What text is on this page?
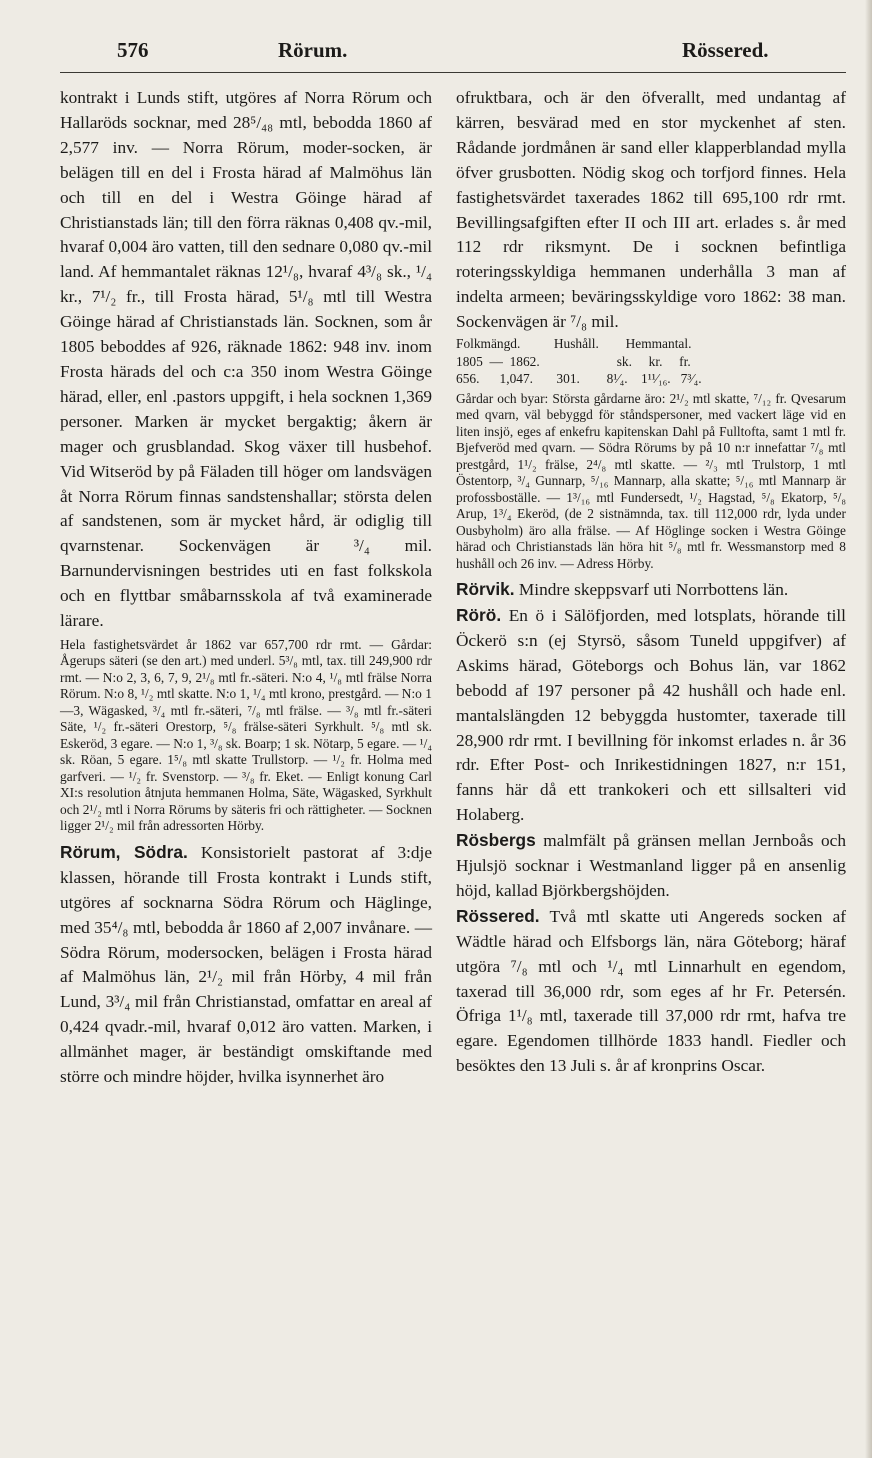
576	Rörum.	Rössered.

kontrakt i Lunds stift, utgöres af Norra Rörum och Hallaröds socknar, med 28⁵/₄₈ mtl, bebodda 1860 af 2,577 inv. — Norra Rörum, moder-socken, är belägen till en del i Frosta härad af Malmöhus län och till en del i Westra Göinge härad af Christianstads län; till den förra räknas 0,408 qv.-mil, hvaraf 0,004 äro vatten, till den sednare 0,080 qv.-mil land. Af hemmantalet räknas 12¹/₈, hvaraf 4³/₈ sk., ¹/₄ kr., 7¹/₂ fr., till Frosta härad, 5¹/₈ mtl till Westra Göinge härad af Christianstads län. Socknen, som år 1805 beboddes af 926, räknade 1862: 948 inv. inom Frosta härads del och c:a 350 inom Westra Göinge härad, eller, enl .pastors uppgift, i hela socknen 1,369 personer. Marken är mycket bergaktig; åkern är mager och grusblandad. Skog växer till husbehof. Vid Witseröd by på Fäladen till höger om landsvägen åt Norra Rörum finnas sandstenshallar; största delen af sandstenen, som är mycket hård, är odiglig till qvarnstenar. Sockenvägen är ³/₄ mil. Barnundervisningen bestrides uti en fast folkskola och en flyttbar småbarnsskola af två examinerade lärare.

Hela fastighetsvärdet år 1862 var 657,700 rdr rmt. — Gårdar: Ågerups säteri (se den art.) med underl. 5³/₈ mtl, tax. till 249,900 rdr rmt. — N:o 2, 3, 6, 7, 9, 2¹/₈ mtl fr.-säteri. N:o 4, ¹/₈ mtl frälse Norra Rörum. N:o 8, ¹/₂ mtl skatte. N:o 1, ¹/₄ mtl krono, prestgård. — N:o 1—3, Wägasked, ³/₄ mtl fr.-säteri, ⁷/₈ mtl frälse. — ³/₈ mtl fr.-säteri Säte, ¹/₂ fr.-säteri Orestorp, ⁵/₈ frälse-säteri Syrkhult. ⁵/₈ mtl sk. Eskeröd, 3 egare. — N:o 1, ³/₈ sk. Boarp; 1 sk. Nötarp, 5 egare. — ¹/₄ sk. Röan, 5 egare. 1⁵/₈ mtl skatte Trullstorp. — ¹/₂ fr. Holma med garfveri. — ¹/₂ fr. Svenstorp. — ³/₈ fr. Eket. — Enligt konung Carl XI:s resolution åtnjuta hemmanen Holma, Säte, Wägasked, Syrkhult och 2¹/₂ mtl i Norra Rörums by säteris fri och rättigheter. — Socknen ligger 2¹/₂ mil från adressorten Hörby.

Rörum, Södra. Konsistorielt pastorat af 3:dje klassen, hörande till Frosta kontrakt i Lunds stift, utgöres af socknarna Södra Rörum och Häglinge, med 35⁴/₈ mtl, bebodda år 1860 af 2,007 invånare. — Södra Rörum, modersocken, belägen i Frosta härad af Malmöhus län, 2¹/₂ mil från Hörby, 4 mil från Lund, 3³/₄ mil från Christianstad, omfattar en areal af 0,424 qvadr.-mil, hvaraf 0,012 äro vatten. Marken, i allmänhet mager, är beständigt omskiftande med större och mindre höjder, hvilka isynnerhet äro

ofruktbara, och är den öfverallt, med undantag af kärren, besvärad med en stor myckenhet af sten. Rådande jordmånen är sand eller klapperblandad mylla öfver grusbotten. Nödig skog och torfjord finnes. Hela fastighetsvärdet taxerades 1862 till 695,100 rdr rmt. Bevillingsafgiften efter II och III art. erlades s. år med 112 rdr riksmynt. De i socknen befintliga roteringsskyldiga hemmanen underhålla 3 man af indelta armeen; beväringsskyldige voro 1862: 38 man. Sockenvägen är ⁷/₈ mil.

Folkmängd.          Hushåll.        Hemmantal.

1805  —  1862.                       sk.     kr.     fr.

656.      1,047.       301.        8¹⁄₄.    1¹¹⁄₁₆.   7³⁄₄.

Gårdar och byar: Största gårdarne äro: 2¹/₂ mtl skatte, ⁷/₁₂ fr. Qvesarum med qvarn, väl bebyggd för ståndspersoner, med vackert läge vid en liten insjö, eges af enkefru kapitenskan Dahl på Fulltofta, samt 1 mtl fr. Bjefveröd med qvarn. — Södra Rörums by på 10 n:r innefattar ⁷/₈ mtl prestgård, 1¹/₂ frälse, 2⁴/₈ mtl skatte. — ²/₃ mtl Trulstorp, 1 mtl Östentorp, ³/₄ Gunnarp, ⁵/₁₆ Mannarp, alla skatte; ⁵/₁₆ mtl Mannarp är profossboställe. — 1³/₁₆ mtl Fundersedt, ¹/₂ Hagstad, ⁵/₈ Ekatorp, ⁵/₈ Arup, 1³/₄ Ekeröd, (de 2 sistnämnda, tax. till 112,000 rdr, lyda under Ousbyholm) äro alla frälse. — Af Höglinge socken i Westra Göinge härad och Christianstads län höra hit ⁵/₈ mtl fr. Wessmanstorp med 8 hushåll och 26 inv. — Adress Hörby.

Rörvik. Mindre skeppsvarf uti Norrbottens län.

Rörö. En ö i Sälöfjorden, med lotsplats, hörande till Öckerö s:n (ej Styrsö, såsom Tuneld uppgifver) af Askims härad, Göteborgs och Bohus län, var 1862 bebodd af 197 personer på 42 hushåll och hade enl. mantalslängden 12 bebyggda hustomter, taxerade till 28,900 rdr rmt. I bevillning för inkomst erlades n. år 36 rdr. Efter Post- och Inrikestidningen 1827, n:r 151, fanns här då ett trankokeri och ett sillsalteri vid Holaberg.

Rösbergs malmfält på gränsen mellan Jernboås och Hjulsjö socknar i Westmanland ligger på en ansenlig höjd, kallad Björkbergshöjden.

Rössered. Två mtl skatte uti Angereds socken af Wädtle härad och Elfsborgs län, nära Göteborg; häraf utgöra ⁷/₈ mtl och ¹/₄ mtl Linnarhult en egendom, taxerad till 36,000 rdr, som eges af hr Fr. Petersén. Öfriga 1¹/₈ mtl, taxerade till 37,000 rdr rmt, hafva tre egare. Egendomen tillhörde 1833 handl. Fiedler och besöktes den 13 Juli s. år af kronprins Oscar.
